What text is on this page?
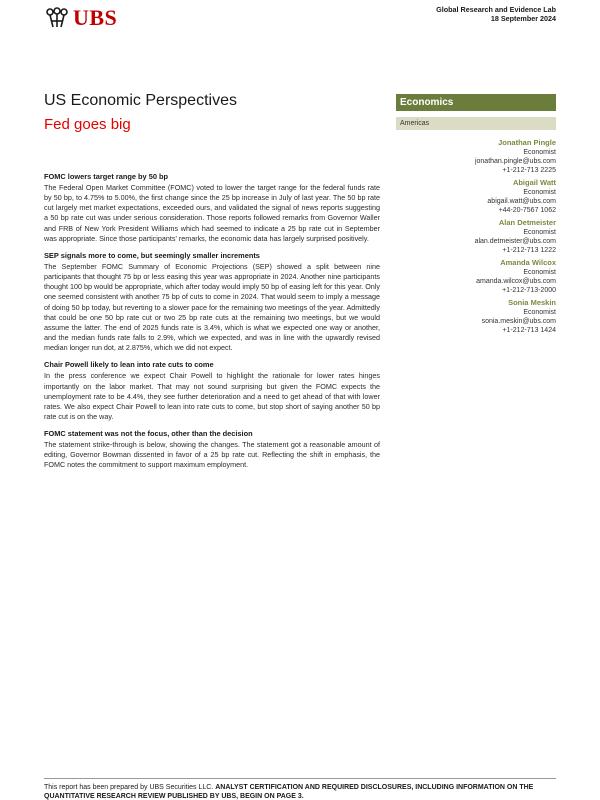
UBS	Global Research and Evidence Lab
18 September 2024
US Economic Perspectives
Fed goes big
FOMC lowers target range by 50 bp

The Federal Open Market Committee (FOMC) voted to lower the target range for the federal funds rate by 50 bp, to 4.75% to 5.00%, the first change since the 25 bp increase in July of last year. The 50 bp rate cut largely met market expectations, exceeded ours, and validated the signal of news reports suggesting a 50 bp rate cut was under serious consideration. Those reports followed remarks from Governor Waller and FRB of New York President Williams which had seemed to indicate a 25 bp rate cut in September was appropriate. Since those participants' remarks, the economic data has largely surprised positively.

SEP signals more to come, but seemingly smaller increments

The September FOMC Summary of Economic Projections (SEP) showed a split between nine participants that thought 75 bp or less easing this year was appropriate in 2024. Another nine participants thought 100 bp would be appropriate, which after today would imply 50 bp of easing left for this year. Only one seemed consistent with another 75 bp of cuts to come in 2024. That would seem to imply a message of doing 50 bp today, but reverting to a slower pace for the remaining two meetings of the year. Admittedly that could be one 50 bp rate cut or two 25 bp rate cuts at the remaining two meetings, but we would assume the latter. The end of 2025 funds rate is 3.4%, which is what we expected one way or another, and the median funds rate falls to 2.9%, which we expected, and was in line with the upwardly revised median longer run dot, at 2.875%, which we did not expect.

Chair Powell likely to lean into rate cuts to come

In the press conference we expect Chair Powell to highlight the rationale for lower rates hinges importantly on the labor market. That may not sound surprising but given the FOMC expects the unemployment rate to be 4.4%, they see further deterioration and a need to get ahead of that with lower rates. We also expect Chair Powell to lean into rate cuts to come, but stop short of saying another 50 bp rate cut is on the way.

FOMC statement was not the focus, other than the decision

The statement strike-through is below, showing the changes. The statement got a reasonable amount of editing, Governor Bowman dissented in favor of a 25 bp rate cut. Reflecting the shift in emphasis, the FOMC notes the commitment to support maximum employment.

Economics
Americas
Jonathan Pingle
Economist
jonathan.pingle@ubs.com
+1-212-713 2225
Abigail Watt
Economist
abigail.watt@ubs.com
+44-20-7567 1062
Alan Detmeister
Economist
alan.detmeister@ubs.com
+1-212-713 1222
Amanda Wilcox
Economist
amanda.wilcox@ubs.com
+1-212-713-2000
Sonia Meskin
Economist
sonia.meskin@ubs.com
+1-212-713 1424
This report has been prepared by UBS Securities LLC. ANALYST CERTIFICATION AND REQUIRED DISCLOSURES, INCLUDING INFORMATION ON THE QUANTITATIVE RESEARCH REVIEW PUBLISHED BY UBS, BEGIN ON PAGE 3.
